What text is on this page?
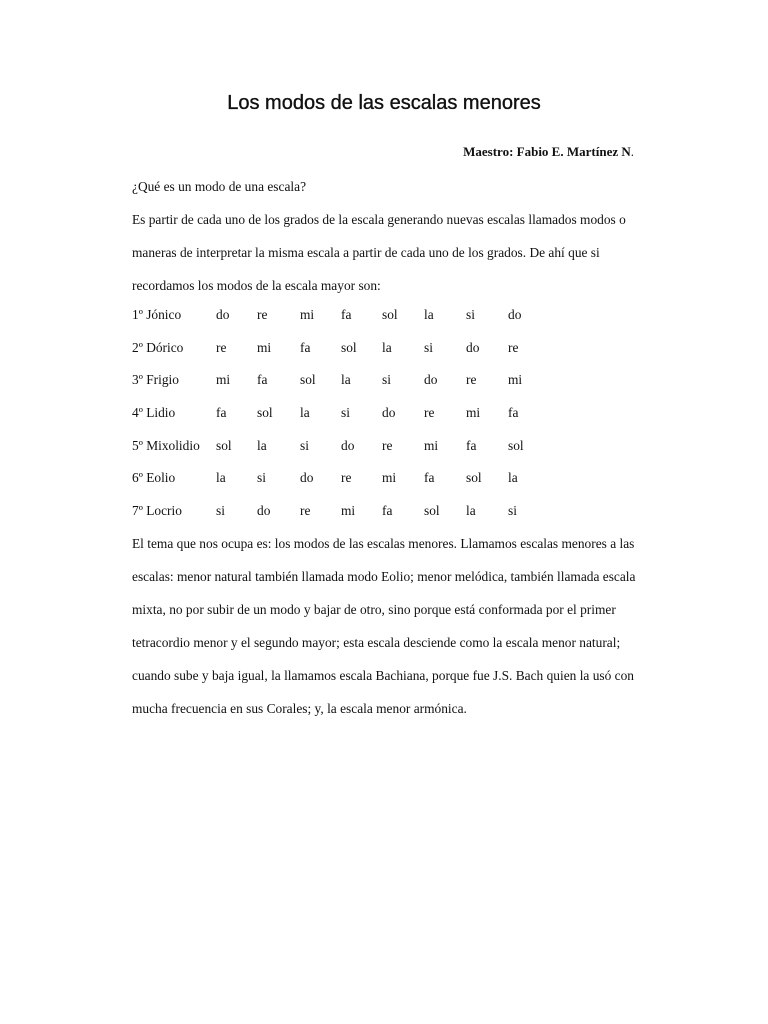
Los modos de las escalas menores
Maestro: Fabio E. Martínez N.

¿Qué es un modo de una escala?

Es partir de cada uno de los grados de la escala generando nuevas escalas llamados modos o maneras de interpretar la misma escala a partir de cada uno de los grados. De ahí que si recordamos los modos de la escala mayor son:

1º Jónico	do re mi fa sol la si do
2º Dórico re mi fa sol la si do re
3º Frigio	mi fa sol la si do re mi
4º Lidio	fa sol la si do re mi fa
5º Mixolidio sol la si do re mi fa sol
6º Eolio	la si	do re mi fa sol la
7º Locrio	si do re mi fa sol la si

El tema que nos ocupa es: los modos de las escalas menores. Llamamos escalas menores a las escalas: menor natural también llamada modo Eolio; menor melódica, también llamada escala mixta, no por subir de un modo y bajar de otro, sino porque está conformada por el primer tetracordio menor y el segundo mayor; esta escala desciende como la escala menor natural; cuando sube y baja igual, la llamamos escala Bachiana, porque fue J.S. Bach quien la usó con mucha frecuencia en sus Corales; y, la escala menor armónica.
